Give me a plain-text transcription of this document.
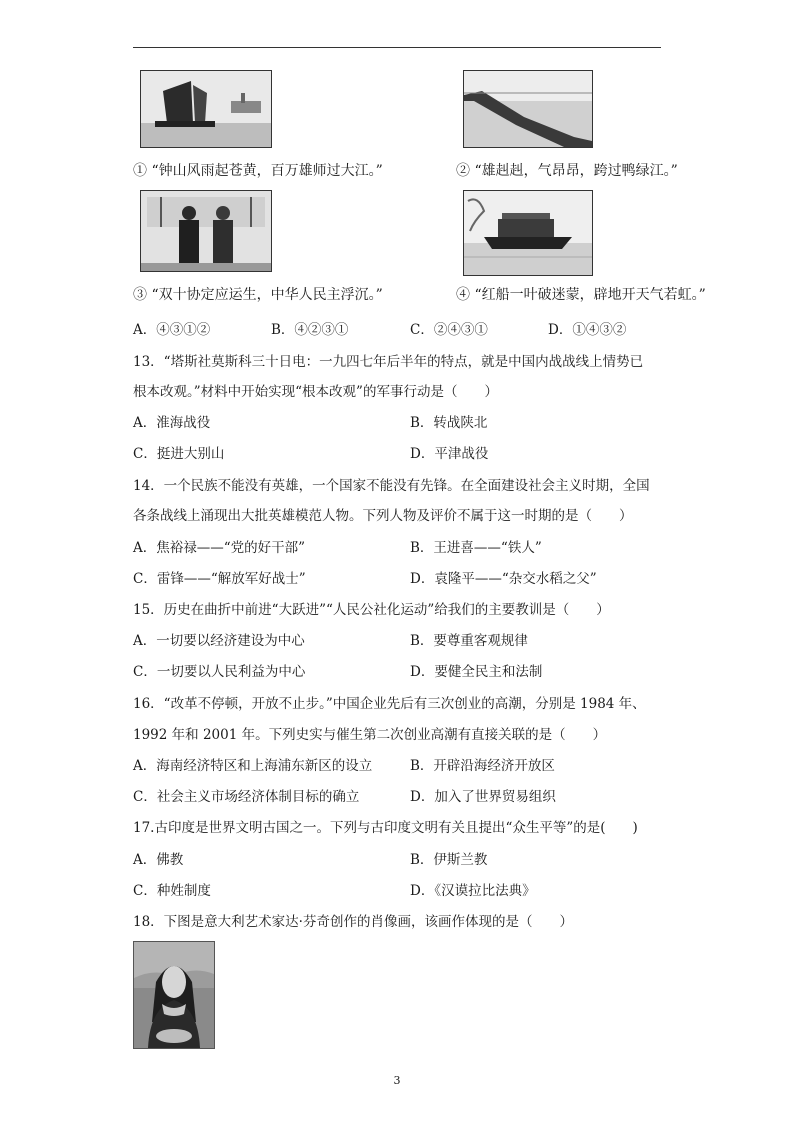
① “钟山风雨起苍黄，百万雄师过大江。”	② “雄赳赳，气昂昂，跨过鸭绿江。”
③ “双十协定应运生，中华人民主浮沉。”	④ “红船一叶破迷蒙，辟地开天气若虹。”
A．④③①②	B．④②③①	C．②④③①	D．①④③②
13．“塔斯社莫斯科三十日电：一九四七年后半年的特点，就是中国内战战线上情势已
根本改观。”材料中开始实现“根本改观”的军事行动是（　　）
A．淮海战役	B．转战陕北
C．挺进大别山	D．平津战役
14．一个民族不能没有英雄，一个国家不能没有先锋。在全面建设社会主义时期，全国
各条战线上涌现出大批英雄模范人物。下列人物及评价不属于这一时期的是（　　）
A．焦裕禄——“党的好干部”	B．王进喜——“铁人”
C．雷锋——“解放军好战士”	D．袁隆平——“杂交水稻之父”
15．历史在曲折中前进“大跃进”“人民公社化运动”给我们的主要教训是（　　）
A．一切要以经济建设为中心	B．要尊重客观规律
C．一切要以人民利益为中心	D．要健全民主和法制
16．“改革不停顿，开放不止步。”中国企业先后有三次创业的高潮，分别是 1984 年、
1992 年和 2001 年。下列史实与催生第二次创业高潮有直接关联的是（　　）
A．海南经济特区和上海浦东新区的设立	B．开辟沿海经济开放区
C．社会主义市场经济体制目标的确立	D．加入了世界贸易组织
17.古印度是世界文明古国之一。下列与古印度文明有关且提出“众生平等”的是(　　)
A．佛教	B．伊斯兰教
C．种姓制度	D．《汉谟拉比法典》
18．下图是意大利艺术家达·芬奇创作的肖像画，该画作体现的是（　　）
3
